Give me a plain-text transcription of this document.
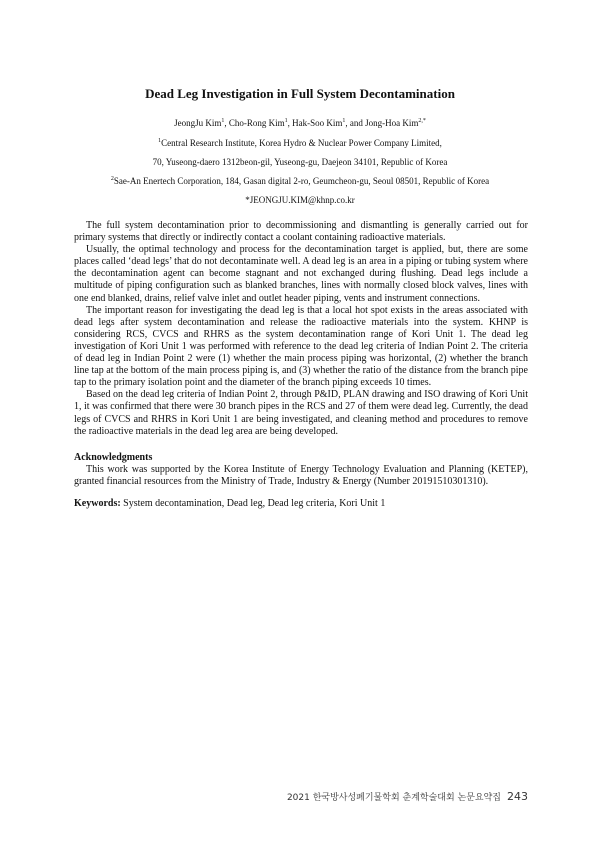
Dead Leg Investigation in Full System Decontamination
JeongJu Kim$^1$, Cho-Rong Kim$^1$, Hak-Soo Kim$^1$, and Jong-Hoa Kim$^{2,*}$
$^1$Central Research Institute, Korea Hydro & Nuclear Power Company Limited,
70, Yuseong-daero 1312beon-gil, Yuseong-gu, Daejeon 34101, Republic of Korea
$^2$Sae-An Enertech Corporation, 184, Gasan digital 2-ro, Geumcheon-gu, Seoul 08501, Republic of Korea
*JEONGJU.KIM@khnp.co.kr

The full system decontamination prior to decommissioning and dismantling is generally carried out for primary systems that directly or indirectly contact a coolant containing radioactive materials.

Usually, the optimal technology and process for the decontamination target is applied, but, there are some places called ‘dead legs’ that do not decontaminate well. A dead leg is an area in a piping or tubing system where the decontamination agent can become stagnant and not exchanged during flushing. Dead legs include a multitude of piping configuration such as blanked branches, lines with normally closed block valves, lines with one end blanked, drains, relief valve inlet and outlet header piping, vents and instrument connections.

The important reason for investigating the dead leg is that a local hot spot exists in the areas associated with dead legs after system decontamination and release the radioactive materials into the system. KHNP is considering RCS, CVCS and RHRS as the system decontamination range of Kori Unit 1. The dead leg investigation of Kori Unit 1 was performed with reference to the dead leg criteria of Indian Point 2. The criteria of dead leg in Indian Point 2 were (1) whether the main process piping was horizontal, (2) whether the branch line tap at the bottom of the main process piping is, and (3) whether the ratio of the distance from the branch pipe tap to the primary isolation point and the diameter of the branch piping exceeds 10 times.

Based on the dead leg criteria of Indian Point 2, through P&ID, PLAN drawing and ISO drawing of Kori Unit 1, it was confirmed that there were 30 branch pipes in the RCS and 27 of them were dead leg. Currently, the dead legs of CVCS and RHRS in Kori Unit 1 are being investigated, and cleaning method and procedures to remove the radioactive materials in the dead leg area are being developed.

Acknowledgments

This work was supported by the Korea Institute of Energy Technology Evaluation and Planning (KETEP), granted financial resources from the Ministry of Trade, Industry & Energy (Number 20191510301310).

Keywords: System decontamination, Dead leg, Dead leg criteria, Kori Unit 1
2021 한국방사성폐기물학회 춘계학술대회 논문요약집 243
